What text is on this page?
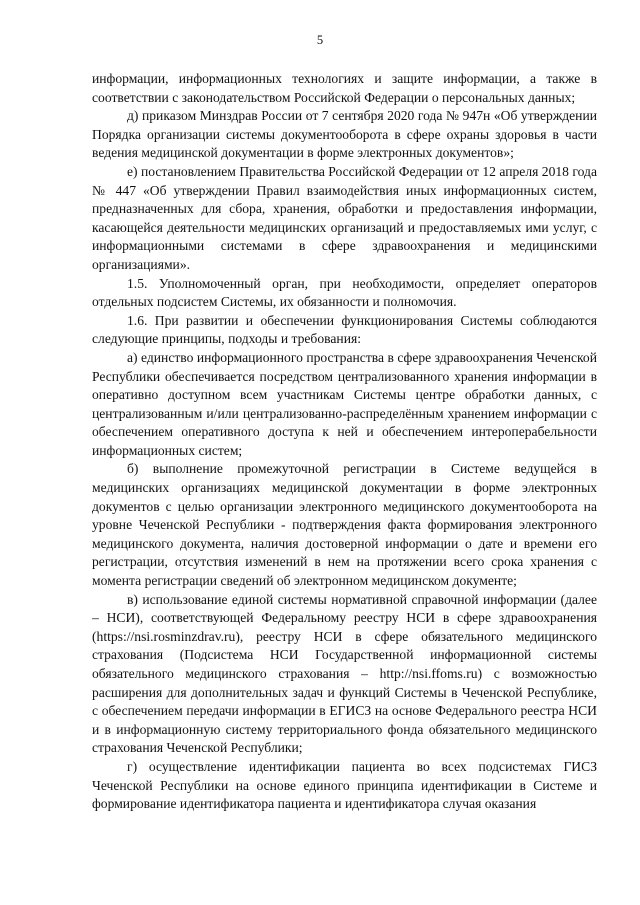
5

информации, информационных технологиях и защите информации, а также в соответствии с законодательством Российской Федерации о персональных данных;

д) приказом Минздрав России от 7 сентября 2020 года № 947н «Об утверждении Порядка организации системы документооборота в сфере охраны здоровья в части ведения медицинской документации в форме электронных документов»;

е) постановлением Правительства Российской Федерации от 12 апреля 2018 года № 447 «Об утверждении Правил взаимодействия иных информационных систем, предназначенных для сбора, хранения, обработки и предоставления информации, касающейся деятельности медицинских организаций и предоставляемых ими услуг, с информационными системами в сфере здравоохранения и медицинскими организациями».

1.5. Уполномоченный орган, при необходимости, определяет операторов отдельных подсистем Системы, их обязанности и полномочия.

1.6. При развитии и обеспечении функционирования Системы соблюдаются следующие принципы, подходы и требования:

а) единство информационного пространства в сфере здравоохранения Чеченской Республики обеспечивается посредством централизованного хранения информации в оперативно доступном всем участникам Системы центре обработки данных, с централизованным и/или централизованно-распределённым хранением информации с обеспечением оперативного доступа к ней и обеспечением интероперабельности информационных систем;

б) выполнение промежуточной регистрации в Системе ведущейся в медицинских организациях медицинской документации в форме электронных документов с целью организации электронного медицинского документооборота на уровне Чеченской Республики - подтверждения факта формирования электронного медицинского документа, наличия достоверной информации о дате и времени его регистрации, отсутствия изменений в нем на протяжении всего срока хранения с момента регистрации сведений об электронном медицинском документе;

в) использование единой системы нормативной справочной информации (далее – НСИ), соответствующей Федеральному реестру НСИ в сфере здравоохранения (https://nsi.rosminzdrav.ru), реестру НСИ в сфере обязательного медицинского страхования (Подсистема НСИ Государственной информационной системы обязательного медицинского страхования – http://nsi.ffoms.ru) с возможностью расширения для дополнительных задач и функций Системы в Чеченской Республике, с обеспечением передачи информации в ЕГИСЗ на основе Федерального реестра НСИ и в информационную систему территориального фонда обязательного медицинского страхования Чеченской Республики;

г) осуществление идентификации пациента во всех подсистемах ГИСЗ Чеченской Республики на основе единого принципа идентификации в Системе и формирование идентификатора пациента и идентификатора случая оказания
